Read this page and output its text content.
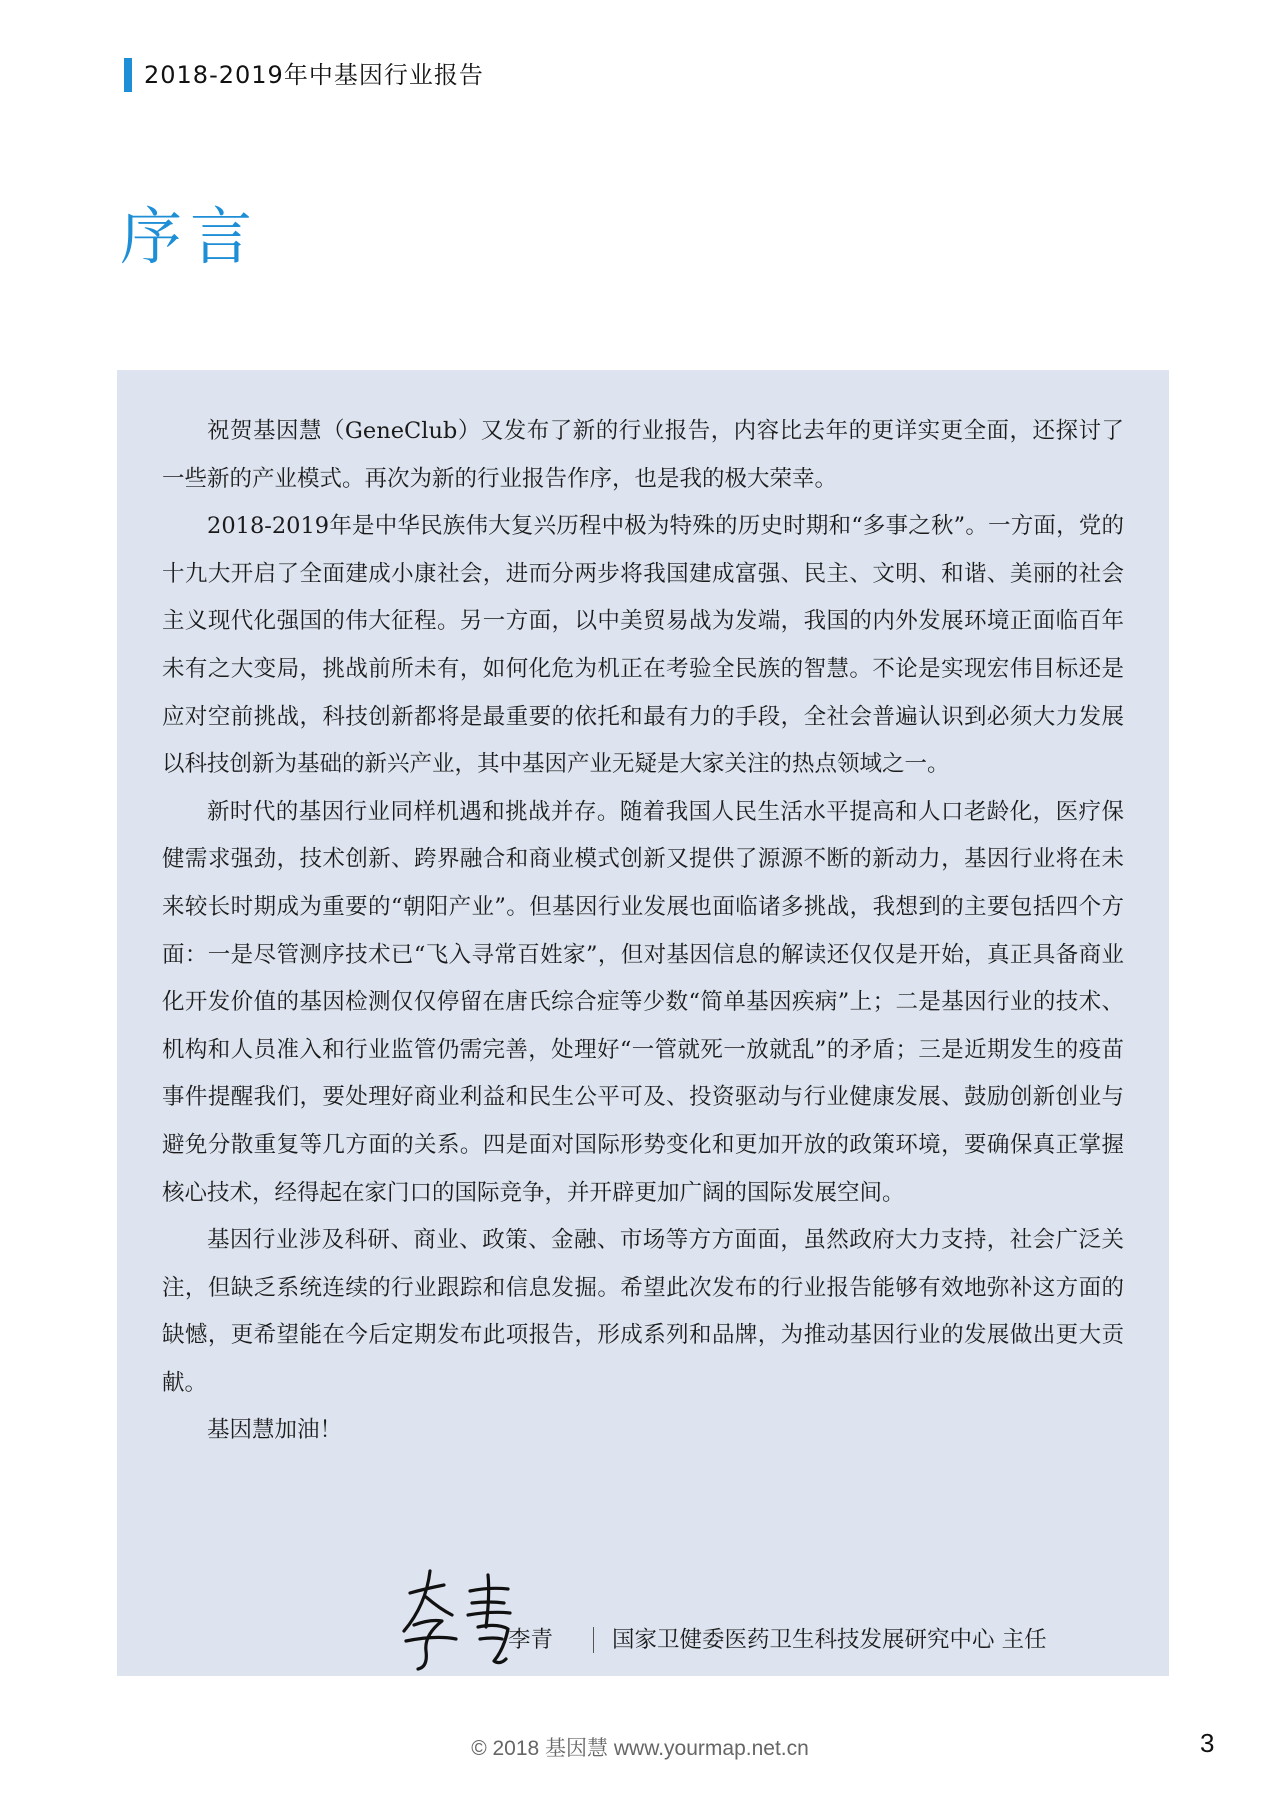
2018-2019年中基因行业报告
序言

祝贺基因慧（GeneClub）又发布了新的行业报告，内容比去年的更详实更全面，还探讨了一些新的产业模式。再次为新的行业报告作序，也是我的极大荣幸。

2018-2019年是中华民族伟大复兴历程中极为特殊的历史时期和“多事之秋”。一方面，党的十九大开启了全面建成小康社会，进而分两步将我国建成富强、民主、文明、和谐、美丽的社会主义现代化强国的伟大征程。另一方面，以中美贸易战为发端，我国的内外发展环境正面临百年未有之大变局，挑战前所未有，如何化危为机正在考验全民族的智慧。不论是实现宏伟目标还是应对空前挑战，科技创新都将是最重要的依托和最有力的手段，全社会普遍认识到必须大力发展以科技创新为基础的新兴产业，其中基因产业无疑是大家关注的热点领域之一。

新时代的基因行业同样机遇和挑战并存。随着我国人民生活水平提高和人口老龄化，医疗保健需求强劲，技术创新、跨界融合和商业模式创新又提供了源源不断的新动力，基因行业将在未来较长时期成为重要的“朝阳产业”。但基因行业发展也面临诸多挑战，我想到的主要包括四个方面：一是尽管测序技术已“飞入寻常百姓家”，但对基因信息的解读还仅仅是开始，真正具备商业化开发价值的基因检测仅仅停留在唐氏综合症等少数“简单基因疾病”上；二是基因行业的技术、机构和人员准入和行业监管仍需完善，处理好“一管就死一放就乱”的矛盾；三是近期发生的疫苗事件提醒我们，要处理好商业利益和民生公平可及、投资驱动与行业健康发展、鼓励创新创业与避免分散重复等几方面的关系。四是面对国际形势变化和更加开放的政策环境，要确保真正掌握核心技术，经得起在家门口的国际竞争，并开辟更加广阔的国际发展空间。

基因行业涉及科研、商业、政策、金融、市场等方方面面，虽然政府大力支持，社会广泛关注，但缺乏系统连续的行业跟踪和信息发掘。希望此次发布的行业报告能够有效地弥补这方面的缺憾，更希望能在今后定期发布此项报告，形成系列和品牌，为推动基因行业的发展做出更大贡献。

基因慧加油！

李青	国家卫健委医药卫生科技发展研究中心 主任
© 2018 基因慧 www.yourmap.net.cn	3
